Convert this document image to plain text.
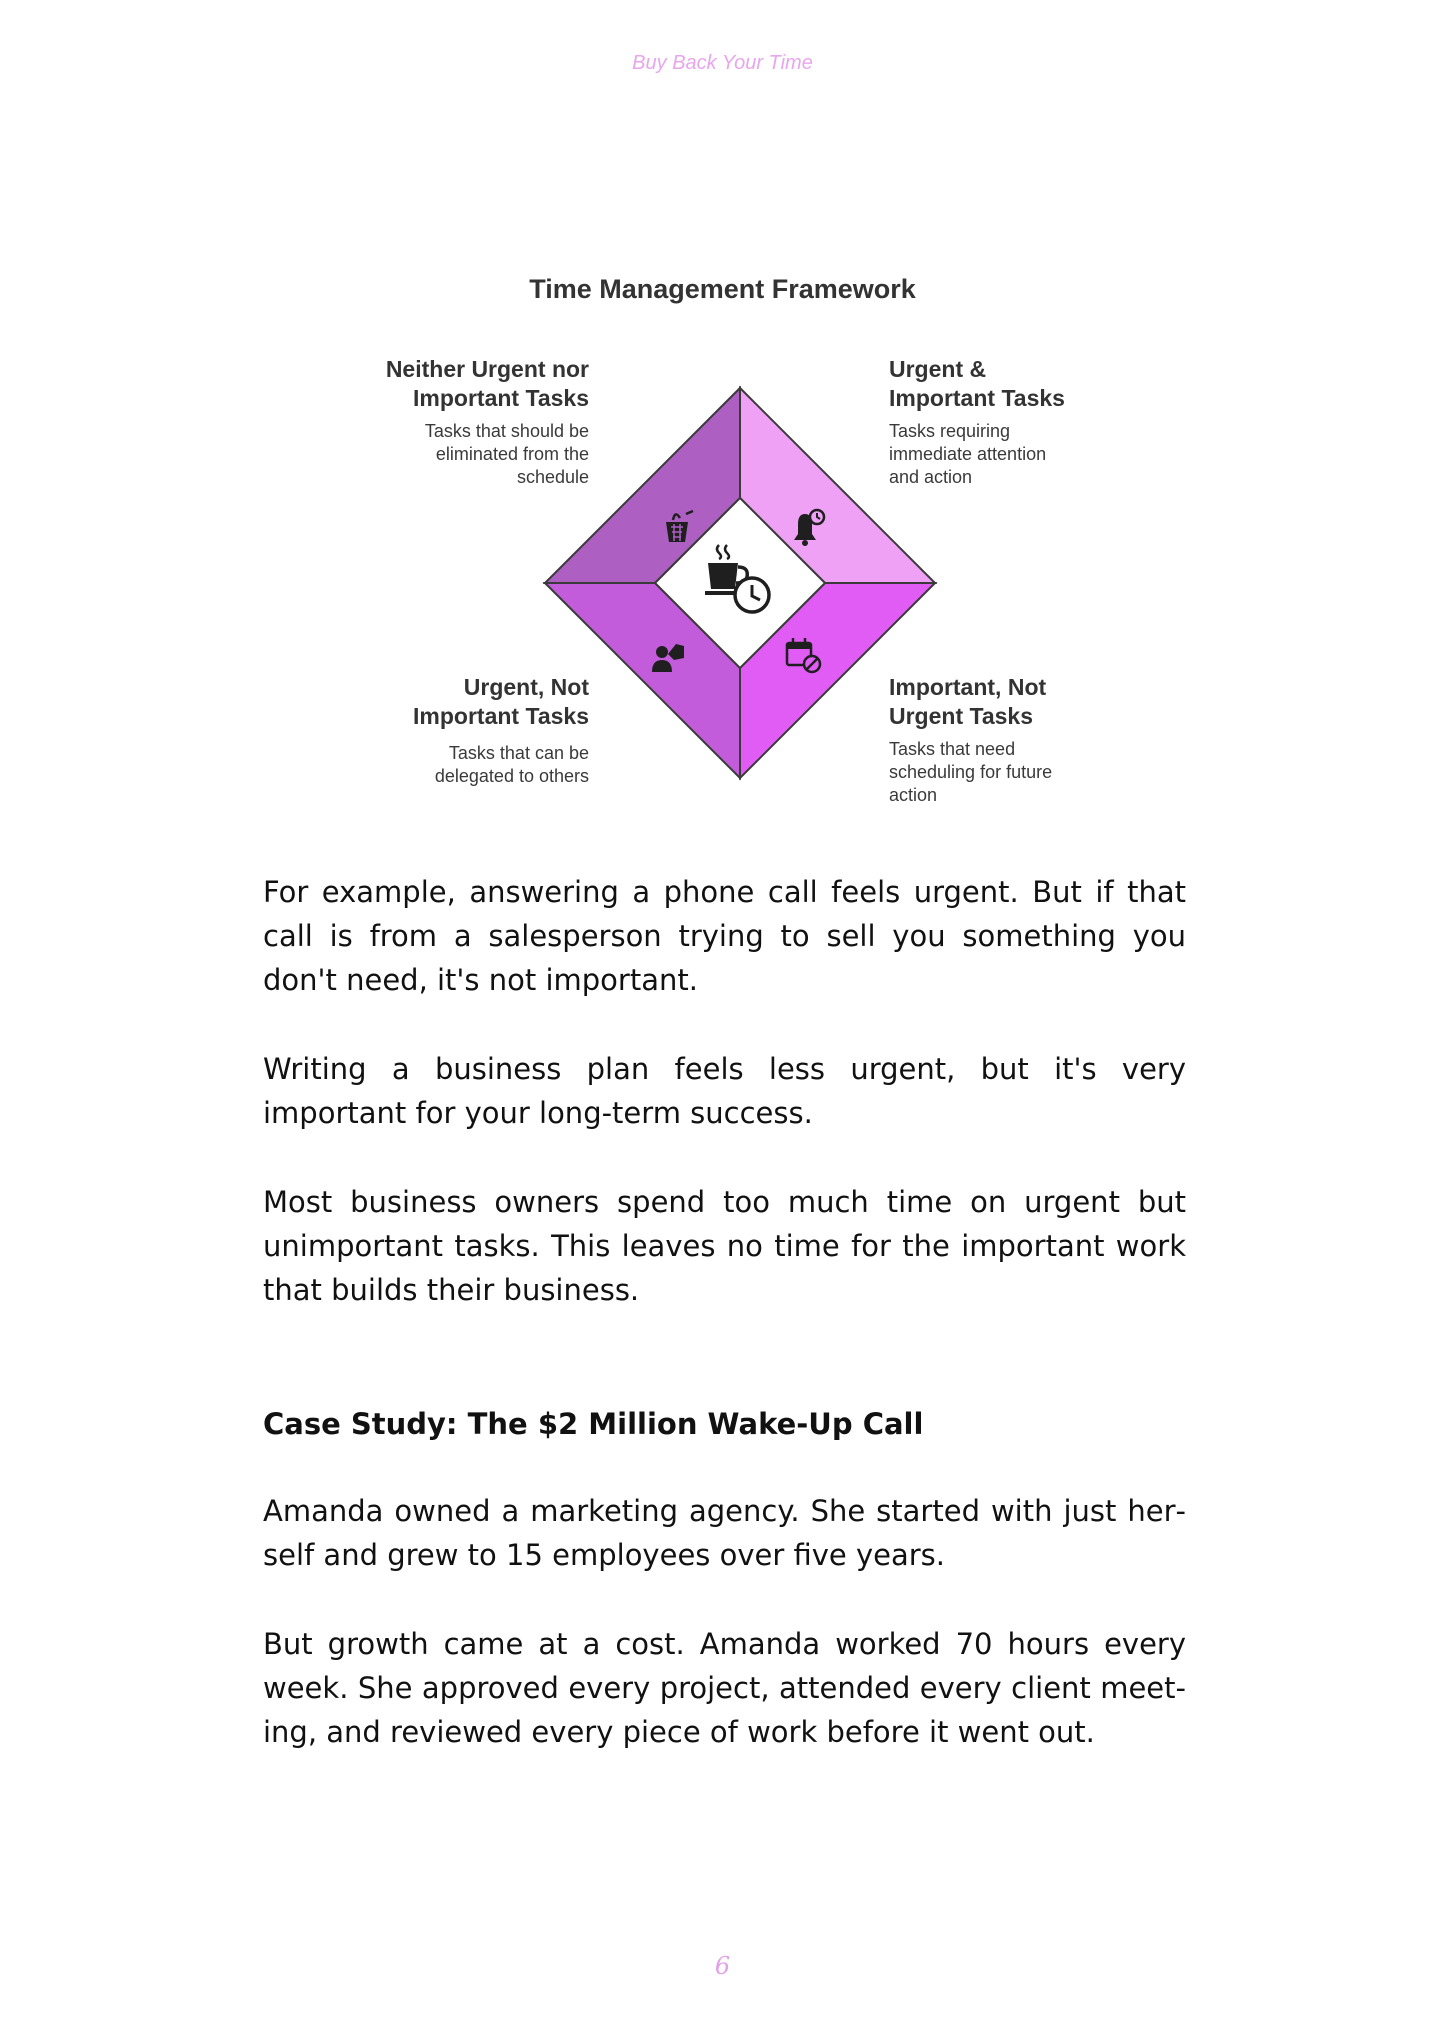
Buy Back Your Time
Time Management Framework
Neither Urgent nor
Important Tasks
Tasks that should be
eliminated from the
schedule
Urgent &
Important Tasks
Tasks requiring
immediate attention
and action
Urgent, Not
Important Tasks
Tasks that can be
delegated to others
Important, Not
Urgent Tasks
Tasks that need
scheduling for future
action

For example, answering a phone call feels urgent. But if that call is from a salesperson trying to sell you something you don't need, it's not important.

Writing a business plan feels less urgent, but it's very important for your long-term success.

Most business owners spend too much time on urgent but unimportant tasks. This leaves no time for the important work that builds their business.

Case Study: The $2 Million Wake-Up Call

Amanda owned a marketing agency. She started with just herself and grew to 15 employees over five years.

But growth came at a cost. Amanda worked 70 hours every week. She approved every project, attended every client meeting, and reviewed every piece of work before it went out.

6
